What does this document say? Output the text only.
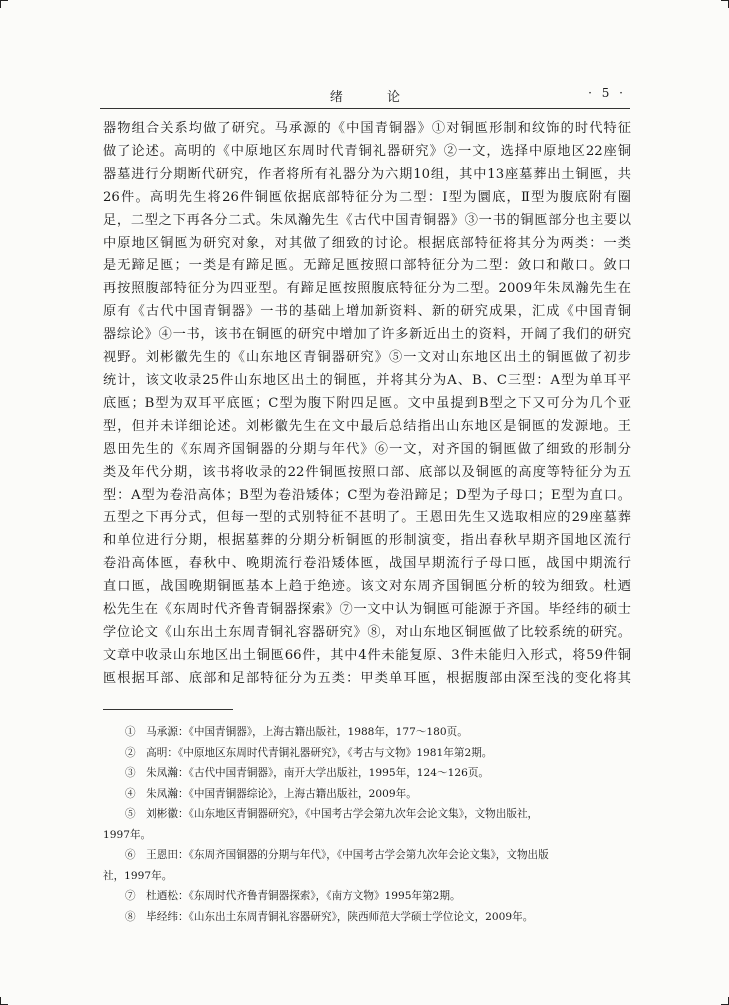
绪 论	· 5 ·
器物组合关系均做了研究。马承源的《中国青铜器》①对铜匜形制和纹饰的时代特征
做了论述。高明的《中原地区东周时代青铜礼器研究》②一文，选择中原地区22座铜
器墓进行分期断代研究，作者将所有礼器分为六期10组，其中13座墓葬出土铜匜，共
26件。高明先生将26件铜匜依据底部特征分为二型：Ⅰ型为圜底，Ⅱ型为腹底附有圈
足，二型之下再各分二式。朱凤瀚先生《古代中国青铜器》③一书的铜匜部分也主要以
中原地区铜匜为研究对象，对其做了细致的讨论。根据底部特征将其分为两类：一类
是无蹄足匜；一类是有蹄足匜。无蹄足匜按照口部特征分为二型：敛口和敞口。敛口
再按照腹部特征分为四亚型。有蹄足匜按照腹底特征分为二型。2009年朱凤瀚先生在
原有《古代中国青铜器》一书的基础上增加新资料、新的研究成果，汇成《中国青铜
器综论》④一书，该书在铜匜的研究中增加了许多新近出土的资料，开阔了我们的研究
视野。刘彬徽先生的《山东地区青铜器研究》⑤一文对山东地区出土的铜匜做了初步
统计，该文收录25件山东地区出土的铜匜，并将其分为A、B、C三型：A型为单耳平
底匜；B型为双耳平底匜；C型为腹下附四足匜。文中虽提到B型之下又可分为几个亚
型，但并未详细论述。刘彬徽先生在文中最后总结指出山东地区是铜匜的发源地。王
恩田先生的《东周齐国铜器的分期与年代》⑥一文，对齐国的铜匜做了细致的形制分
类及年代分期，该书将收录的22件铜匜按照口部、底部以及铜匜的高度等特征分为五
型：A型为卷沿高体；B型为卷沿矮体；C型为卷沿蹄足；D型为子母口；E型为直口。
五型之下再分式，但每一型的式别特征不甚明了。王恩田先生又选取相应的29座墓葬
和单位进行分期，根据墓葬的分期分析铜匜的形制演变，指出春秋早期齐国地区流行
卷沿高体匜，春秋中、晚期流行卷沿矮体匜，战国早期流行子母口匜，战国中期流行
直口匜，战国晚期铜匜基本上趋于绝迹。该文对东周齐国铜匜分析的较为细致。杜迺
松先生在《东周时代齐鲁青铜器探索》⑦一文中认为铜匜可能源于齐国。毕经纬的硕士
学位论文《山东出土东周青铜礼容器研究》⑧，对山东地区铜匜做了比较系统的研究。
文章中收录山东地区出土铜匜66件，其中4件未能复原、3件未能归入形式，将59件铜
匜根据耳部、底部和足部特征分为五类：甲类单耳匜，根据腹部由深至浅的变化将其
①　马承源：《中国青铜器》，上海古籍出版社，1988年，177～180页。
②　高明：《中原地区东周时代青铜礼器研究》，《考古与文物》1981年第2期。
③　朱凤瀚：《古代中国青铜器》，南开大学出版社，1995年，124～126页。
④　朱凤瀚：《中国青铜器综论》，上海古籍出版社，2009年。
⑤　刘彬徽：《山东地区青铜器研究》，《中国考古学会第九次年会论文集》，文物出版社，
1997年。
⑥　王恩田：《东周齐国铜器的分期与年代》，《中国考古学会第九次年会论文集》，文物出版
社，1997年。
⑦　杜迺松：《东周时代齐鲁青铜器探索》，《南方文物》1995年第2期。
⑧　毕经纬：《山东出土东周青铜礼容器研究》，陕西师范大学硕士学位论文，2009年。
